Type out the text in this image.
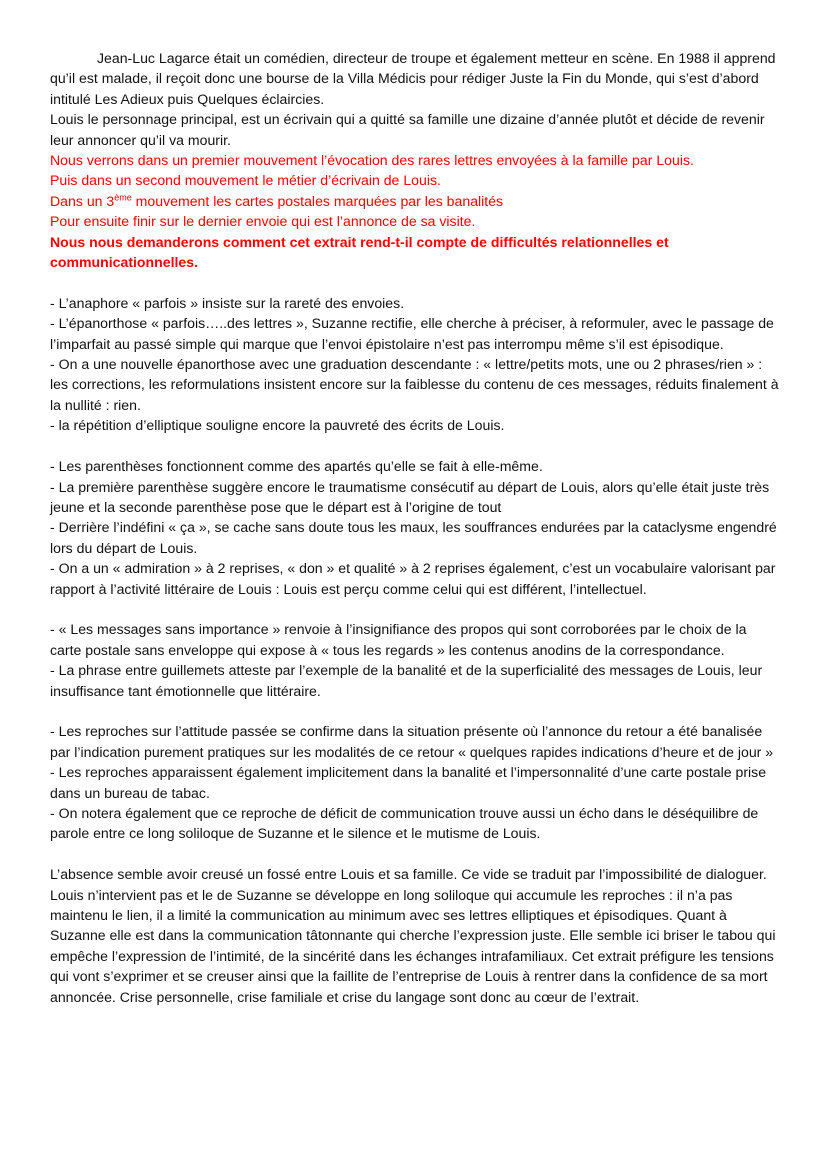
Jean-Luc Lagarce était un comédien, directeur de troupe et également metteur en scène. En 1988 il apprend qu’il est malade, il reçoit donc une bourse de la Villa Médicis pour rédiger Juste la Fin du Monde, qui s’est d’abord intitulé Les Adieux puis Quelques éclaircies.

Louis le personnage principal, est un écrivain qui a quitté sa famille une dizaine d’année plutôt et décide de revenir leur annoncer qu’il va mourir.

Nous verrons dans un premier mouvement l’évocation des rares lettres envoyées à la famille par Louis.

Puis dans un second mouvement le métier d’écrivain de Louis.

Dans un 3ème mouvement les cartes postales marquées par les banalités

Pour ensuite finir sur le dernier envoie qui est l’annonce de sa visite.

Nous nous demanderons comment cet extrait rend-t-il compte de difficultés relationnelles et communicationnelles.

- L’anaphore « parfois » insiste sur la rareté des envoies.

- L’épanorthose « parfois…..des lettres », Suzanne rectifie, elle cherche à préciser, à reformuler, avec le passage de l’imparfait au passé simple qui marque que l’envoi épistolaire n’est pas interrompu même s’il est épisodique.

- On a une nouvelle épanorthose avec une graduation descendante : « lettre/petits mots, une ou 2 phrases/rien » : les corrections, les reformulations insistent encore sur la faiblesse du contenu de ces messages, réduits finalement à la nullité : rien.

- la répétition d’elliptique souligne encore la pauvreté des écrits de Louis.

- Les parenthèses fonctionnent comme des apartés qu’elle se fait à elle-même.

- La première parenthèse suggère encore le traumatisme consécutif au départ de Louis, alors qu’elle était juste très jeune et la seconde parenthèse pose que le départ est à l’origine de tout

- Derrière l’indéfini « ça », se cache sans doute tous les maux, les souffrances endurées par la cataclysme engendré lors du départ de Louis.

- On a un « admiration » à 2 reprises, « don » et qualité » à 2 reprises également, c’est un vocabulaire valorisant par rapport à l’activité littéraire de Louis : Louis est perçu comme celui qui est différent, l’intellectuel.

- « Les messages sans importance » renvoie à l’insignifiance des propos qui sont corroborées par le choix de la carte postale sans enveloppe qui expose à « tous les regards » les contenus anodins de la correspondance.

- La phrase entre guillemets atteste par l’exemple de la banalité et de la superficialité des messages de Louis, leur insuffisance tant émotionnelle que littéraire.

- Les reproches sur l’attitude passée se confirme dans la situation présente où l’annonce du retour a été banalisée par l’indication purement pratiques sur les modalités de ce retour « quelques rapides indications d’heure et de jour »

- Les reproches apparaissent également implicitement dans la banalité et l’impersonnalité d’une carte postale prise dans un bureau de tabac.

- On notera également que ce reproche de déficit de communication trouve aussi un écho dans le déséquilibre de parole entre ce long soliloque de Suzanne et le silence et le mutisme de Louis.

L’absence semble avoir creusé un fossé entre Louis et sa famille. Ce vide se traduit par l’impossibilité de dialoguer. Louis n’intervient pas et le de Suzanne se développe en long soliloque qui accumule les reproches : il n’a pas maintenu le lien, il a limité la communication au minimum avec ses lettres elliptiques et épisodiques. Quant à Suzanne elle est dans la communication tâtonnante qui cherche l’expression juste. Elle semble ici briser le tabou qui empêche l’expression de l’intimité, de la sincérité dans les échanges intrafamiliaux. Cet extrait préfigure les tensions qui vont s’exprimer et se creuser ainsi que la faillite de l’entreprise de Louis à rentrer dans la confidence de sa mort annoncée. Crise personnelle, crise familiale et crise du langage sont donc au cœur de l’extrait.
